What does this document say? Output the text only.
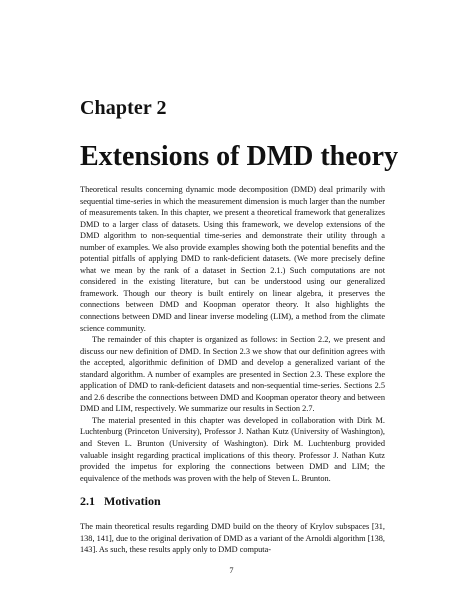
Chapter 2
Extensions of DMD theory

Theoretical results concerning dynamic mode decomposition (DMD) deal primarily with sequential time-series in which the measurement dimension is much larger than the number of measurements taken. In this chapter, we present a theoretical framework that generalizes DMD to a larger class of datasets. Using this framework, we develop extensions of the DMD algorithm to non-sequential time-series and demonstrate their utility through a number of examples. We also provide examples showing both the potential benefits and the potential pitfalls of applying DMD to rank-deficient datasets. (We more precisely define what we mean by the rank of a dataset in Section 2.1.) Such computations are not considered in the existing literature, but can be understood using our generalized framework. Though our theory is built entirely on linear algebra, it preserves the connections between DMD and Koopman operator theory. It also highlights the connections between DMD and linear inverse modeling (LIM), a method from the climate science community.

The remainder of this chapter is organized as follows: in Section 2.2, we present and discuss our new definition of DMD. In Section 2.3 we show that our definition agrees with the accepted, algorithmic definition of DMD and develop a generalized variant of the standard algorithm. A number of examples are presented in Section 2.3. These explore the application of DMD to rank-deficient datasets and non-sequential time-series. Sections 2.5 and 2.6 describe the connections between DMD and Koopman operator theory and between DMD and LIM, respectively. We summarize our results in Section 2.7.

The material presented in this chapter was developed in collaboration with Dirk M. Luchtenburg (Princeton University), Professor J. Nathan Kutz (University of Washington), and Steven L. Brunton (University of Washington). Dirk M. Luchtenburg provided valuable insight regarding practical implications of this theory. Professor J. Nathan Kutz provided the impetus for exploring the connections between DMD and LIM; the equivalence of the methods was proven with the help of Steven L. Brunton.

2.1 Motivation

The main theoretical results regarding DMD build on the theory of Krylov subspaces [31, 138, 141], due to the original derivation of DMD as a variant of the Arnoldi algorithm [138, 143]. As such, these results apply only to DMD computa-

7
